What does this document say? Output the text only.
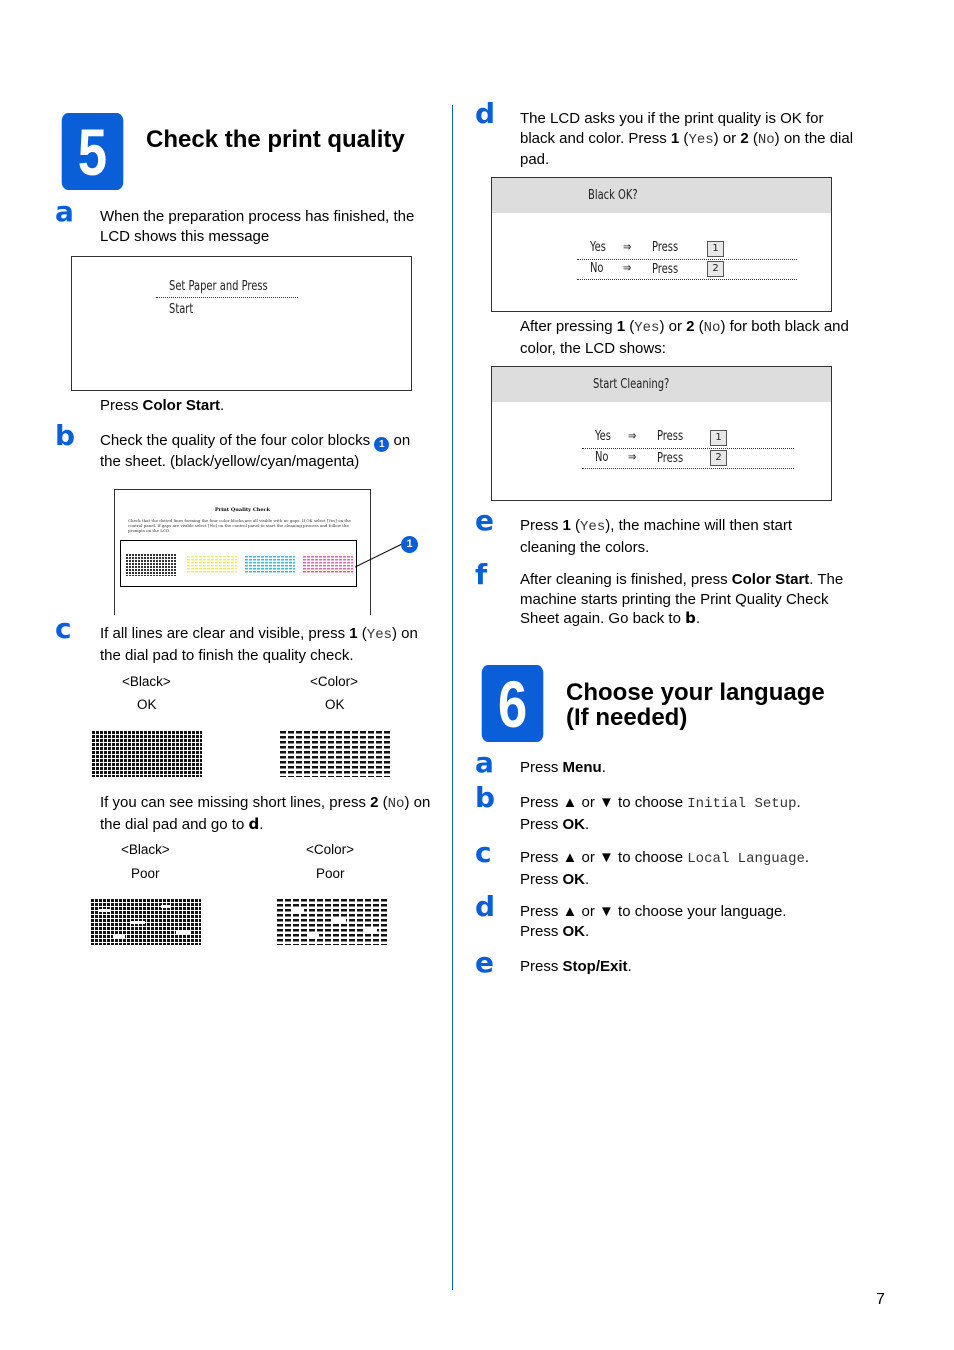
5	Check the print quality
a When the preparation process has finished, the LCD shows this message
Set Paper and Press
Start
Press Color Start.
b Check the quality of the four color blocks 1 on the sheet. (black/yellow/cyan/magenta)
Print Quality Check
Check that the dotted lines forming the four color blocks are all visible with no gaps. If OK select [Yes] on the control panel. If gaps are visible select [No] on the control panel to start the cleaning process and follow the prompts on the LCD.
1
c If all lines are clear and visible, press 1 (Yes) on the dial pad to finish the quality check.
<Black>
OK
<Color>
OK
If you can see missing short lines, press 2 (No) on the dial pad and go to d.
<Black>
Poor
<Color>
Poor
d The LCD asks you if the print quality is OK for black and color. Press 1 (Yes) or 2 (No) on the dial pad.
Black OK?
Yes ⇒ Press	1
No ⇒ Press	2
After pressing 1 (Yes) or 2 (No) for both black and color, the LCD shows:
Start Cleaning?
Yes ⇒ Press	1
No ⇒ Press	2
e Press 1 (Yes), the machine will then start cleaning the colors.
f After cleaning is finished, press Color Start. The machine starts printing the Print Quality Check Sheet again. Go back to b.
6	Choose your language
(If needed)
a Press Menu.
b Press ▲ or ▼ to choose Initial Setup.
Press OK.
c Press ▲ or ▼ to choose Local Language.
Press OK.
d Press ▲ or ▼ to choose your language.
Press OK.
e Press Stop/Exit.
7
